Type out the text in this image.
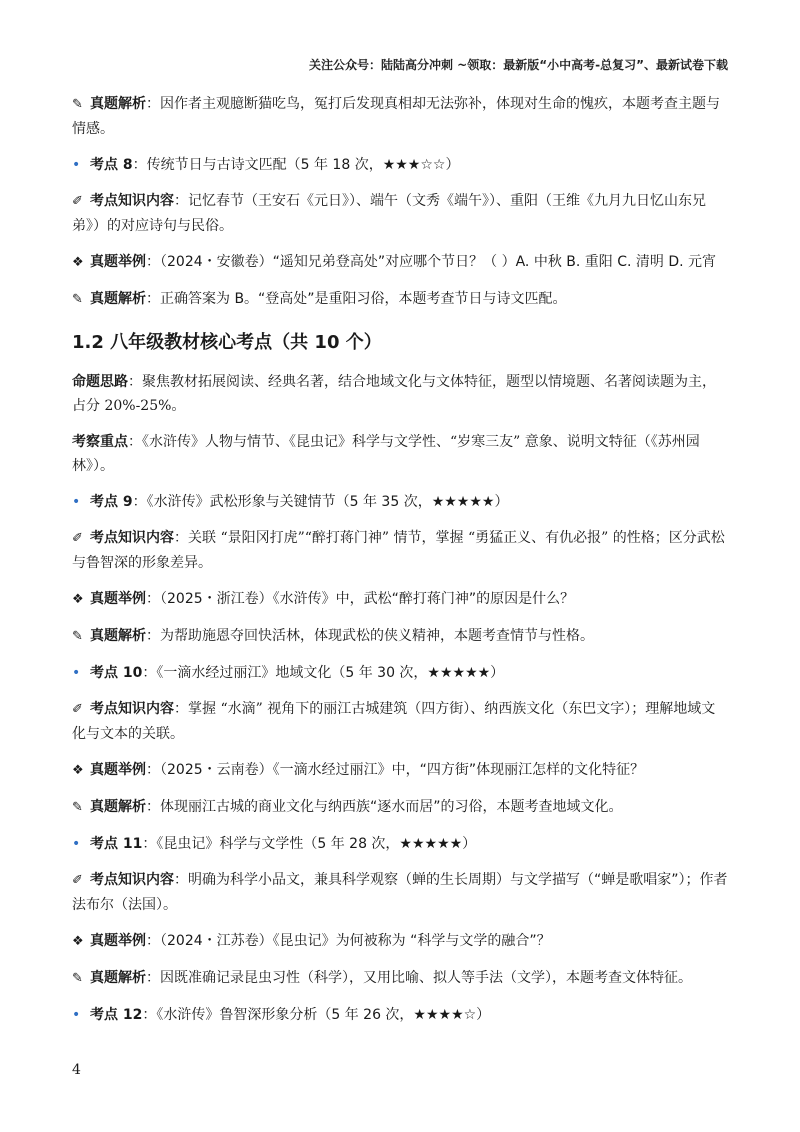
关注公众号：陆陆高分冲刺 ~领取：最新版“小中高考-总复习”、最新试卷下载

✎ 真题解析：因作者主观臆断猫吃鸟，冤打后发现真相却无法弥补，体现对生命的愧疚，本题考查主题与情感。

• 考点 8：传统节日与古诗文匹配（5 年 18 次，★★★☆☆）

✐ 考点知识内容：记忆春节（王安石《元日》）、端午（文秀《端午》）、重阳（王维《九月九日忆山东兄弟》）的对应诗句与民俗。

❖ 真题举例：（2024・安徽卷）“遥知兄弟登高处”对应哪个节日？（ ）A. 中秋 B. 重阳 C. 清明 D. 元宵

✎ 真题解析：正确答案为 B。“登高处”是重阳习俗，本题考查节日与诗文匹配。

1.2 八年级教材核心考点（共 10 个）

命题思路：聚焦教材拓展阅读、经典名著，结合地域文化与文体特征，题型以情境题、名著阅读题为主，占分 20%-25%。

考察重点：《水浒传》人物与情节、《昆虫记》科学与文学性、“岁寒三友” 意象、说明文特征（《苏州园林》）。

• 考点 9：《水浒传》武松形象与关键情节（5 年 35 次，★★★★★）

✐ 考点知识内容：关联 “景阳冈打虎”“醉打蒋门神” 情节，掌握 “勇猛正义、有仇必报” 的性格；区分武松与鲁智深的形象差异。

❖ 真题举例：（2025・浙江卷）《水浒传》中，武松“醉打蒋门神”的原因是什么？

✎ 真题解析：为帮助施恩夺回快活林，体现武松的侠义精神，本题考查情节与性格。

• 考点 10：《一滴水经过丽江》地域文化（5 年 30 次，★★★★★）

✐ 考点知识内容：掌握 “水滴” 视角下的丽江古城建筑（四方街）、纳西族文化（东巴文字）；理解地域文化与文本的关联。

❖ 真题举例：（2025・云南卷）《一滴水经过丽江》中，“四方街”体现丽江怎样的文化特征？

✎ 真题解析：体现丽江古城的商业文化与纳西族“逐水而居”的习俗，本题考查地域文化。

• 考点 11：《昆虫记》科学与文学性（5 年 28 次，★★★★★）

✐ 考点知识内容：明确为科学小品文，兼具科学观察（蝉的生长周期）与文学描写（“蝉是歌唱家”）；作者法布尔（法国）。

❖ 真题举例：（2024・江苏卷）《昆虫记》为何被称为 “科学与文学的融合”？

✎ 真题解析：因既准确记录昆虫习性（科学），又用比喻、拟人等手法（文学），本题考查文体特征。

• 考点 12：《水浒传》鲁智深形象分析（5 年 26 次，★★★★☆）

4
